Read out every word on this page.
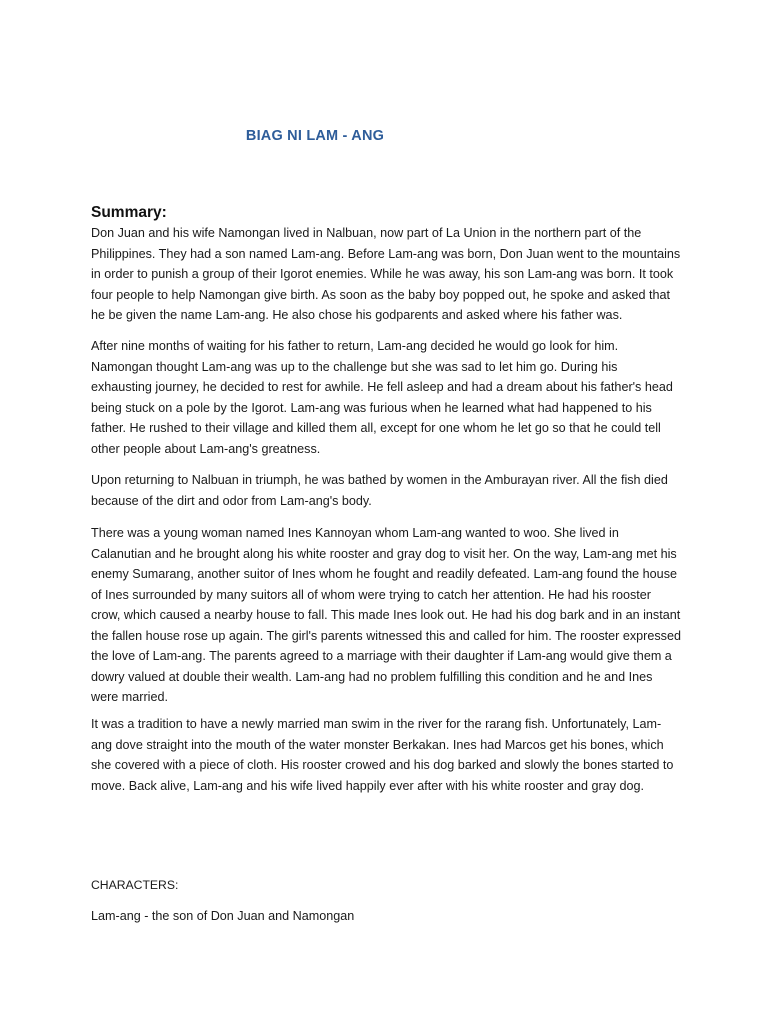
BIAG NI LAM - ANG
Summary:

Don Juan and his wife Namongan lived in Nalbuan, now part of La Union in the northern part of the Philippines. They had a son named Lam-ang. Before Lam-ang was born, Don Juan went to the mountains in order to punish a group of their Igorot enemies. While he was away, his son Lam-ang was born. It took four people to help Namongan give birth. As soon as the baby boy popped out, he spoke and asked that he be given the name Lam-ang. He also chose his godparents and asked where his father was.

After nine months of waiting for his father to return, Lam-ang decided he would go look for him. Namongan thought Lam-ang was up to the challenge but she was sad to let him go. During his exhausting journey, he decided to rest for awhile. He fell asleep and had a dream about his father's head being stuck on a pole by the Igorot. Lam-ang was furious when he learned what had happened to his father. He rushed to their village and killed them all, except for one whom he let go so that he could tell other people about Lam-ang's greatness.

Upon returning to Nalbuan in triumph, he was bathed by women in the Amburayan river. All the fish died because of the dirt and odor from Lam-ang's body.

There was a young woman named Ines Kannoyan whom Lam-ang wanted to woo. She lived in Calanutian and he brought along his white rooster and gray dog to visit her. On the way, Lam-ang met his enemy Sumarang, another suitor of Ines whom he fought and readily defeated. Lam-ang found the house of Ines surrounded by many suitors all of whom were trying to catch her attention. He had his rooster crow, which caused a nearby house to fall. This made Ines look out. He had his dog bark and in an instant the fallen house rose up again. The girl's parents witnessed this and called for him. The rooster expressed the love of Lam-ang. The parents agreed to a marriage with their daughter if Lam-ang would give them a dowry valued at double their wealth. Lam-ang had no problem fulfilling this condition and he and Ines were married.

It was a tradition to have a newly married man swim in the river for the rarang fish. Unfortunately, Lam-ang dove straight into the mouth of the water monster Berkakan. Ines had Marcos get his bones, which she covered with a piece of cloth. His rooster crowed and his dog barked and slowly the bones started to move. Back alive, Lam-ang and his wife lived happily ever after with his white rooster and gray dog.

CHARACTERS:
Lam-ang - the son of Don Juan and Namongan
